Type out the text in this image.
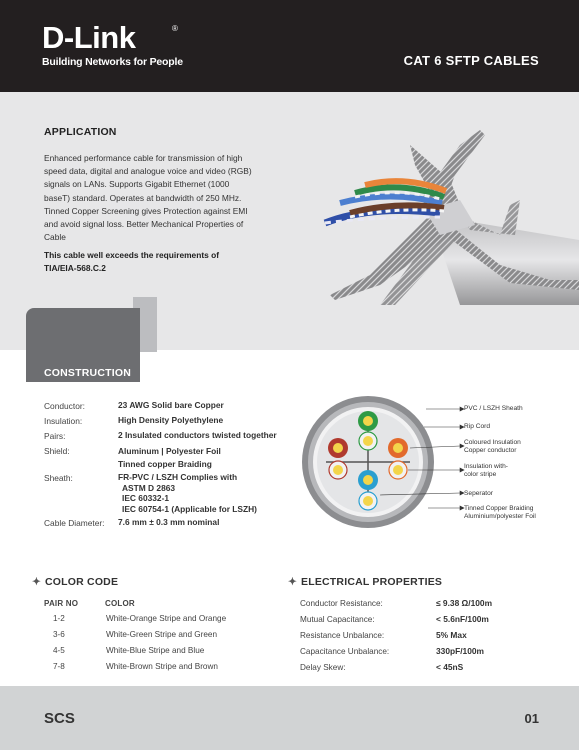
D-Link	®
Building Networks for People	CAT 6 SFTP CABLES
APPLICATION
Enhanced performance cable for transmission of high
speed data, digital and analogue voice and video (RGB)
signals on LANs. Supports Gigabit Ethernet (1000
baseT) standard. Operates at bandwidth of 250 MHz.
Tinned Copper Screening gives Protection against EMI
and avoid signal loss. Better Mechanical Properties of
Cable
This cable well exceeds the requirements of
TIA/EIA-568.C.2
CONSTRUCTION
Conductor:	23 AWG Solid bare Copper
Insulation:	High Density Polyethylene
Pairs:	2 Insulated conductors twisted together
Shield:	Aluminum | Polyester Foil
Tinned copper Braiding
Sheath:	FR-PVC / LSZH Complies with
ASTM D 2863
IEC 60332-1
IEC 60754-1 (Applicable for LSZH)
Cable Diameter: 7.6 mm ± 0.3 mm nominal
PVC / LSZH Sheath
Rip Cord
Coloured Insulation
Copper conductor
Insulation with-
color stripe
Seperator
Tinned Copper Braiding
Aluminium/polyester Foil
✦ COLOR CODE
PAIR NO	COLOR
1-2	White-Orange Stripe and Orange
3-6	White-Green Stripe and Green
4-5	White-Blue Stripe and Blue
7-8	White-Brown Stripe and Brown
✦ ELECTRICAL PROPERTIES
Conductor Resistance:	≤ 9.38 Ω/100m
Mutual Capacitance:	< 5.6nF/100m
Resistance Unbalance:	5% Max
Capacitance Unbalance:	330pF/100m
Delay Skew:	< 45nS
SCS	01
